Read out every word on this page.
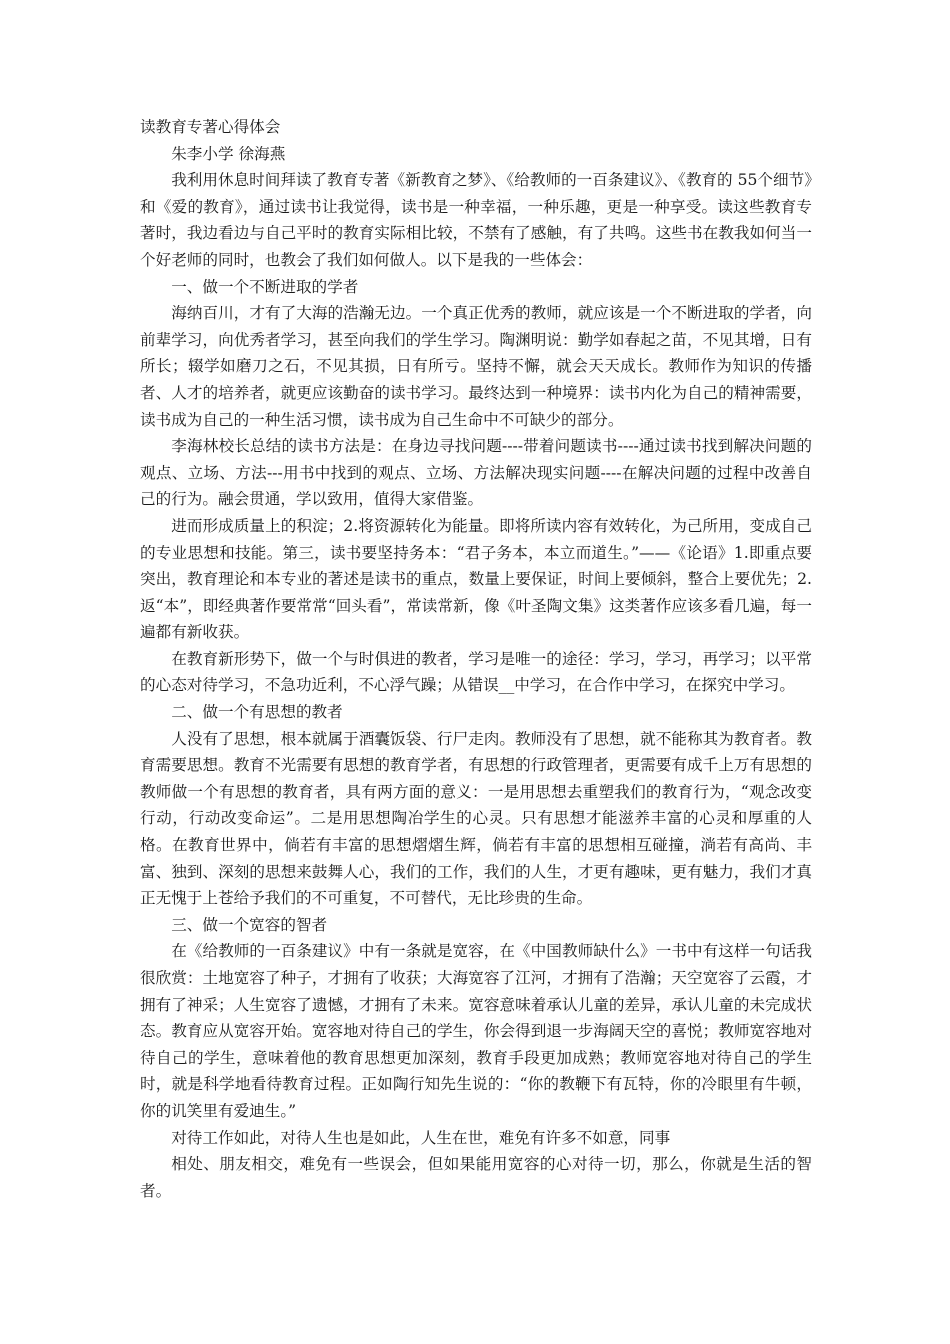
读教育专著心得体会

朱李小学 徐海燕

我利用休息时间拜读了教育专著《新教育之梦》、《给教师的一百条建议》、《教育的 55个细节》和《爱的教育》，通过读书让我觉得，读书是一种幸福，一种乐趣，更是一种享受。读这些教育专著时，我边看边与自己平时的教育实际相比较，不禁有了感触，有了共鸣。这些书在教我如何当一个好老师的同时，也教会了我们如何做人。以下是我的一些体会：

一、做一个不断进取的学者

海纳百川，才有了大海的浩瀚无边。一个真正优秀的教师，就应该是一个不断进取的学者，向前辈学习，向优秀者学习，甚至向我们的学生学习。陶渊明说：勤学如春起之苗，不见其增，日有所长；辍学如磨刀之石，不见其损，日有所亏。坚持不懈，就会天天成长。教师作为知识的传播者、人才的培养者，就更应该勤奋的读书学习。最终达到一种境界：读书内化为自己的精神需要，读书成为自己的一种生活习惯，读书成为自己生命中不可缺少的部分。

李海林校长总结的读书方法是：在身边寻找问题----带着问题读书----通过读书找到解决问题的观点、立场、方法---用书中找到的观点、立场、方法解决现实问题----在解决问题的过程中改善自己的行为。融会贯通，学以致用，值得大家借鉴。

进而形成质量上的积淀；2.将资源转化为能量。即将所读内容有效转化，为己所用，变成自己的专业思想和技能。第三，读书要坚持务本：“君子务本，本立而道生。”——《论语》1.即重点要突出，教育理论和本专业的著述是读书的重点，数量上要保证，时间上要倾斜，整合上要优先；2.返“本”，即经典著作要常常“回头看”，常读常新，像《叶圣陶文集》这类著作应该多看几遍，每一遍都有新收获。

在教育新形势下，做一个与时俱进的教者，学习是唯一的途径：学习，学习，再学习；以平常的心态对待学习，不急功近利，不心浮气躁；从错误__中学习，在合作中学习，在探究中学习。

二、做一个有思想的教者

人没有了思想，根本就属于酒囊饭袋、行尸走肉。教师没有了思想，就不能称其为教育者。教育需要思想。教育不光需要有思想的教育学者，有思想的行政管理者，更需要有成千上万有思想的教师做一个有思想的教育者，具有两方面的意义：一是用思想去重塑我们的教育行为，“观念改变行动，行动改变命运”。二是用思想陶冶学生的心灵。只有思想才能滋养丰富的心灵和厚重的人格。在教育世界中，倘若有丰富的思想熠熠生辉，倘若有丰富的思想相互碰撞，淌若有高尚、丰富、独到、深刻的思想来鼓舞人心，我们的工作，我们的人生，才更有趣味，更有魅力，我们才真正无愧于上苍给予我们的不可重复，不可替代，无比珍贵的生命。

三、做一个宽容的智者

在《给教师的一百条建议》中有一条就是宽容，在《中国教师缺什么》一书中有这样一句话我很欣赏：土地宽容了种子，才拥有了收获；大海宽容了江河，才拥有了浩瀚；天空宽容了云霞，才拥有了神采；人生宽容了遗憾，才拥有了未来。宽容意味着承认儿童的差异，承认儿童的未完成状态。教育应从宽容开始。宽容地对待自己的学生，你会得到退一步海阔天空的喜悦；教师宽容地对待自己的学生，意味着他的教育思想更加深刻，教育手段更加成熟；教师宽容地对待自己的学生时，就是科学地看待教育过程。正如陶行知先生说的：“你的教鞭下有瓦特，你的冷眼里有牛顿，你的讥笑里有爱迪生。”

对待工作如此，对待人生也是如此，人生在世，难免有许多不如意，同事

相处、朋友相交，难免有一些误会，但如果能用宽容的心对待一切，那么，你就是生活的智者。
